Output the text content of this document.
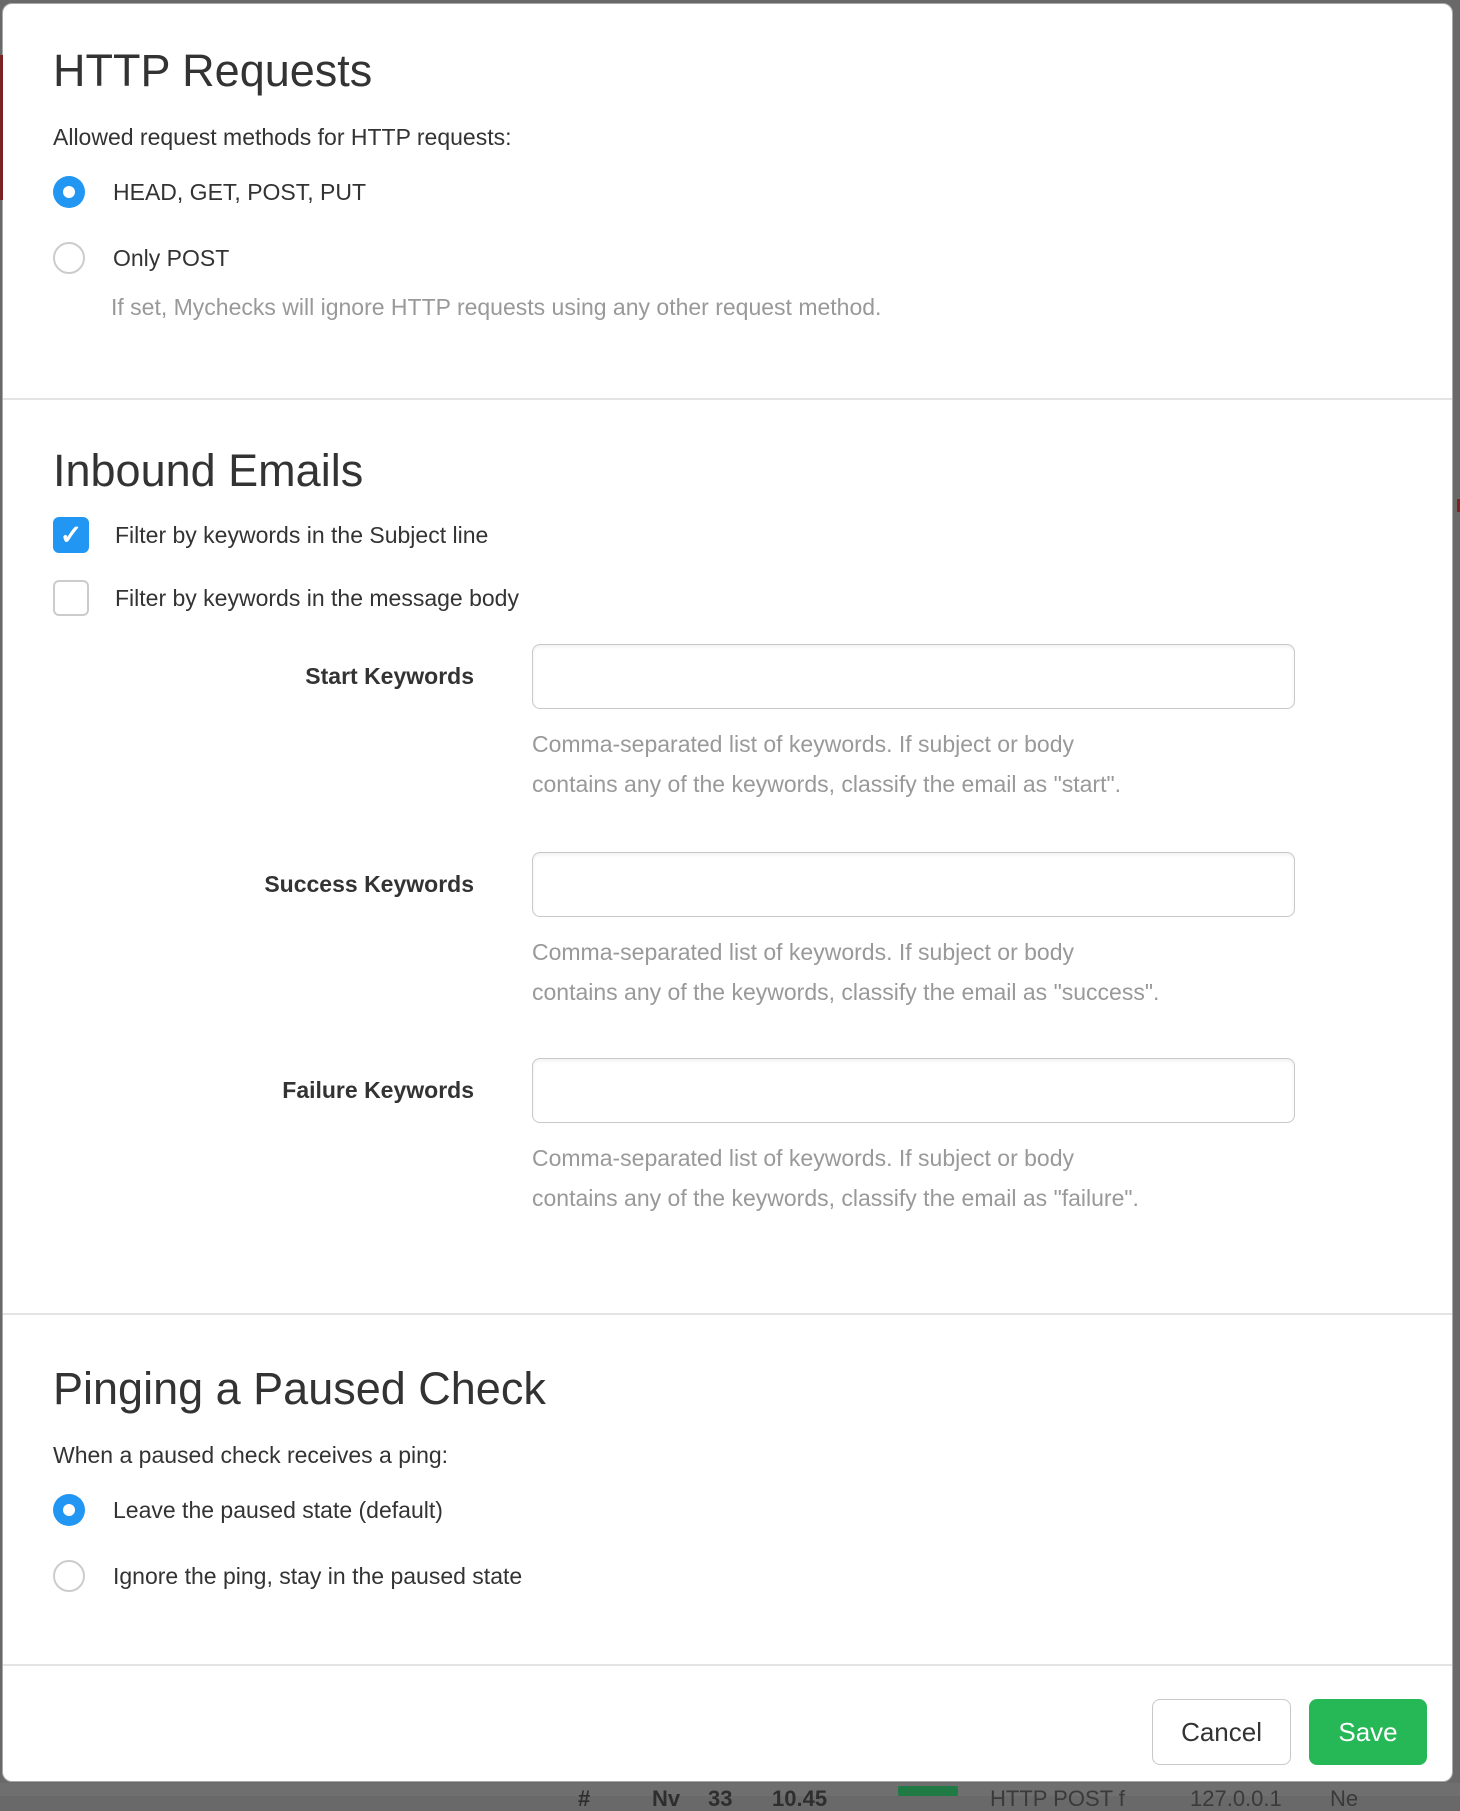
HTTP Requests
Allowed request methods for HTTP requests:
HEAD, GET, POST, PUT
Only POST
If set, Mychecks will ignore HTTP requests using any other request method.
Inbound Emails
✓ Filter by keywords in the Subject line
Filter by keywords in the message body
Start Keywords
Comma-separated list of keywords. If subject or body
contains any of the keywords, classify the email as "start".
Success Keywords
Comma-separated list of keywords. If subject or body
contains any of the keywords, classify the email as "success".
Failure Keywords
Comma-separated list of keywords. If subject or body
contains any of the keywords, classify the email as "failure".
Pinging a Paused Check
When a paused check receives a ping:
Leave the paused state (default)
Ignore the ping, stay in the paused state
Cancel	Save
#	Nv 33 10.45	HTTP POST f	127.0.0.1 Ne
